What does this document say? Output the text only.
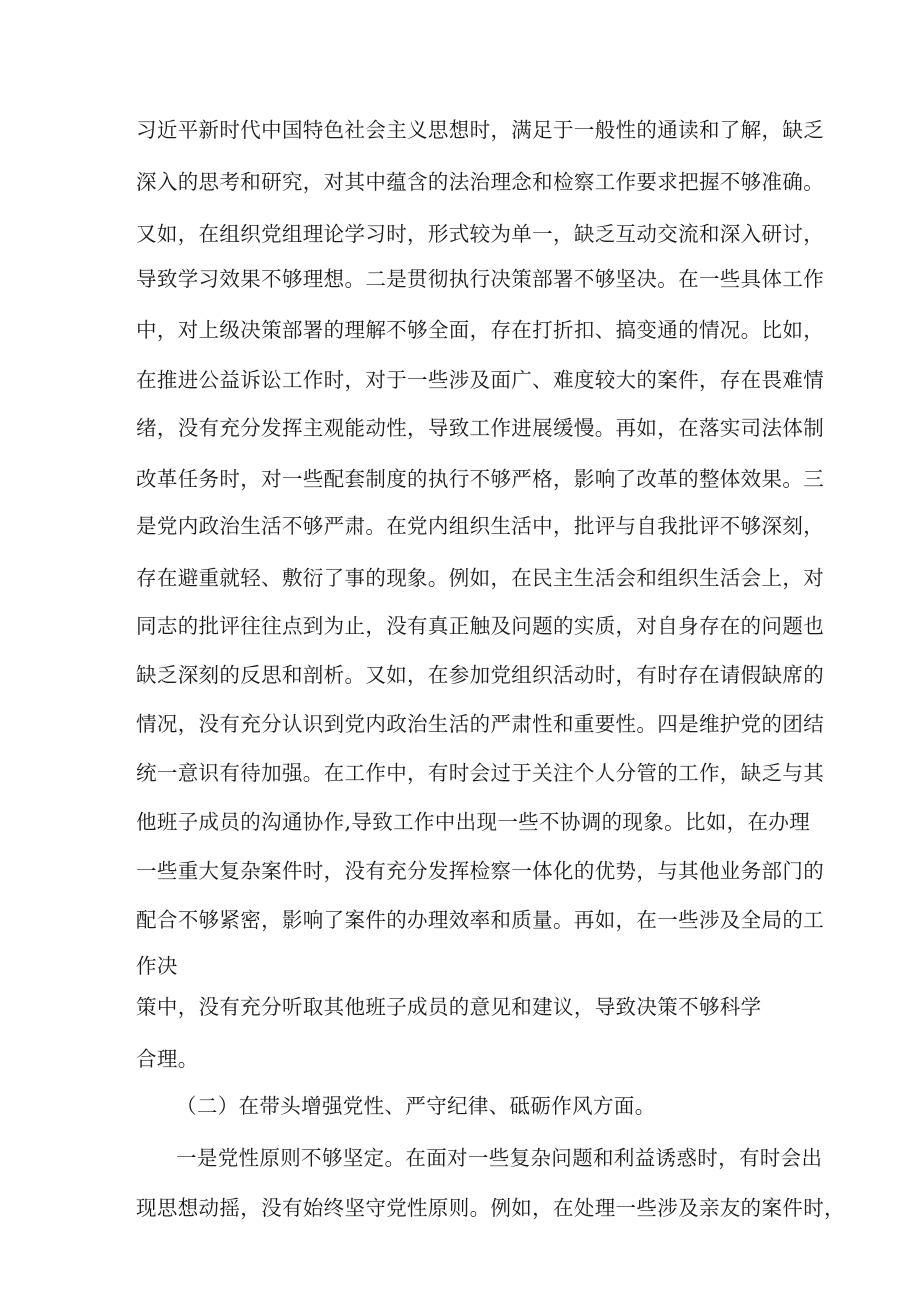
习近平新时代中国特色社会主义思想时，满足于一般性的通读和了解，缺乏
深入的思考和研究，对其中蕴含的法治理念和检察工作要求把握不够准确。
又如，在组织党组理论学习时，形式较为单一，缺乏互动交流和深入研讨，
导致学习效果不够理想。二是贯彻执行决策部署不够坚决。在一些具体工作
中，对上级决策部署的理解不够全面，存在打折扣、搞变通的情况。比如，
在推进公益诉讼工作时，对于一些涉及面广、难度较大的案件，存在畏难情
绪，没有充分发挥主观能动性，导致工作进展缓慢。再如，在落实司法体制
改革任务时，对一些配套制度的执行不够严格，影响了改革的整体效果。三
是党内政治生活不够严肃。在党内组织生活中，批评与自我批评不够深刻，
存在避重就轻、敷衍了事的现象。例如，在民主生活会和组织生活会上，对
同志的批评往往点到为止，没有真正触及问题的实质，对自身存在的问题也
缺乏深刻的反思和剖析。又如，在参加党组织活动时，有时存在请假缺席的
情况，没有充分认识到党内政治生活的严肃性和重要性。四是维护党的团结
统一意识有待加强。在工作中，有时会过于关注个人分管的工作，缺乏与其
他班子成员的沟通协作,导致工作中出现一些不协调的现象。比如，在办理
一些重大复杂案件时，没有充分发挥检察一体化的优势，与其他业务部门的
配合不够紧密，影响了案件的办理效率和质量。再如，在一些涉及全局的工
作决
策中，没有充分听取其他班子成员的意见和建议，导致决策不够科学
合理。
（二）在带头增强党性、严守纪律、砥砺作风方面。
一是党性原则不够坚定。在面对一些复杂问题和利益诱惑时，有时会出
现思想动摇，没有始终坚守党性原则。例如，在处理一些涉及亲友的案件时，
